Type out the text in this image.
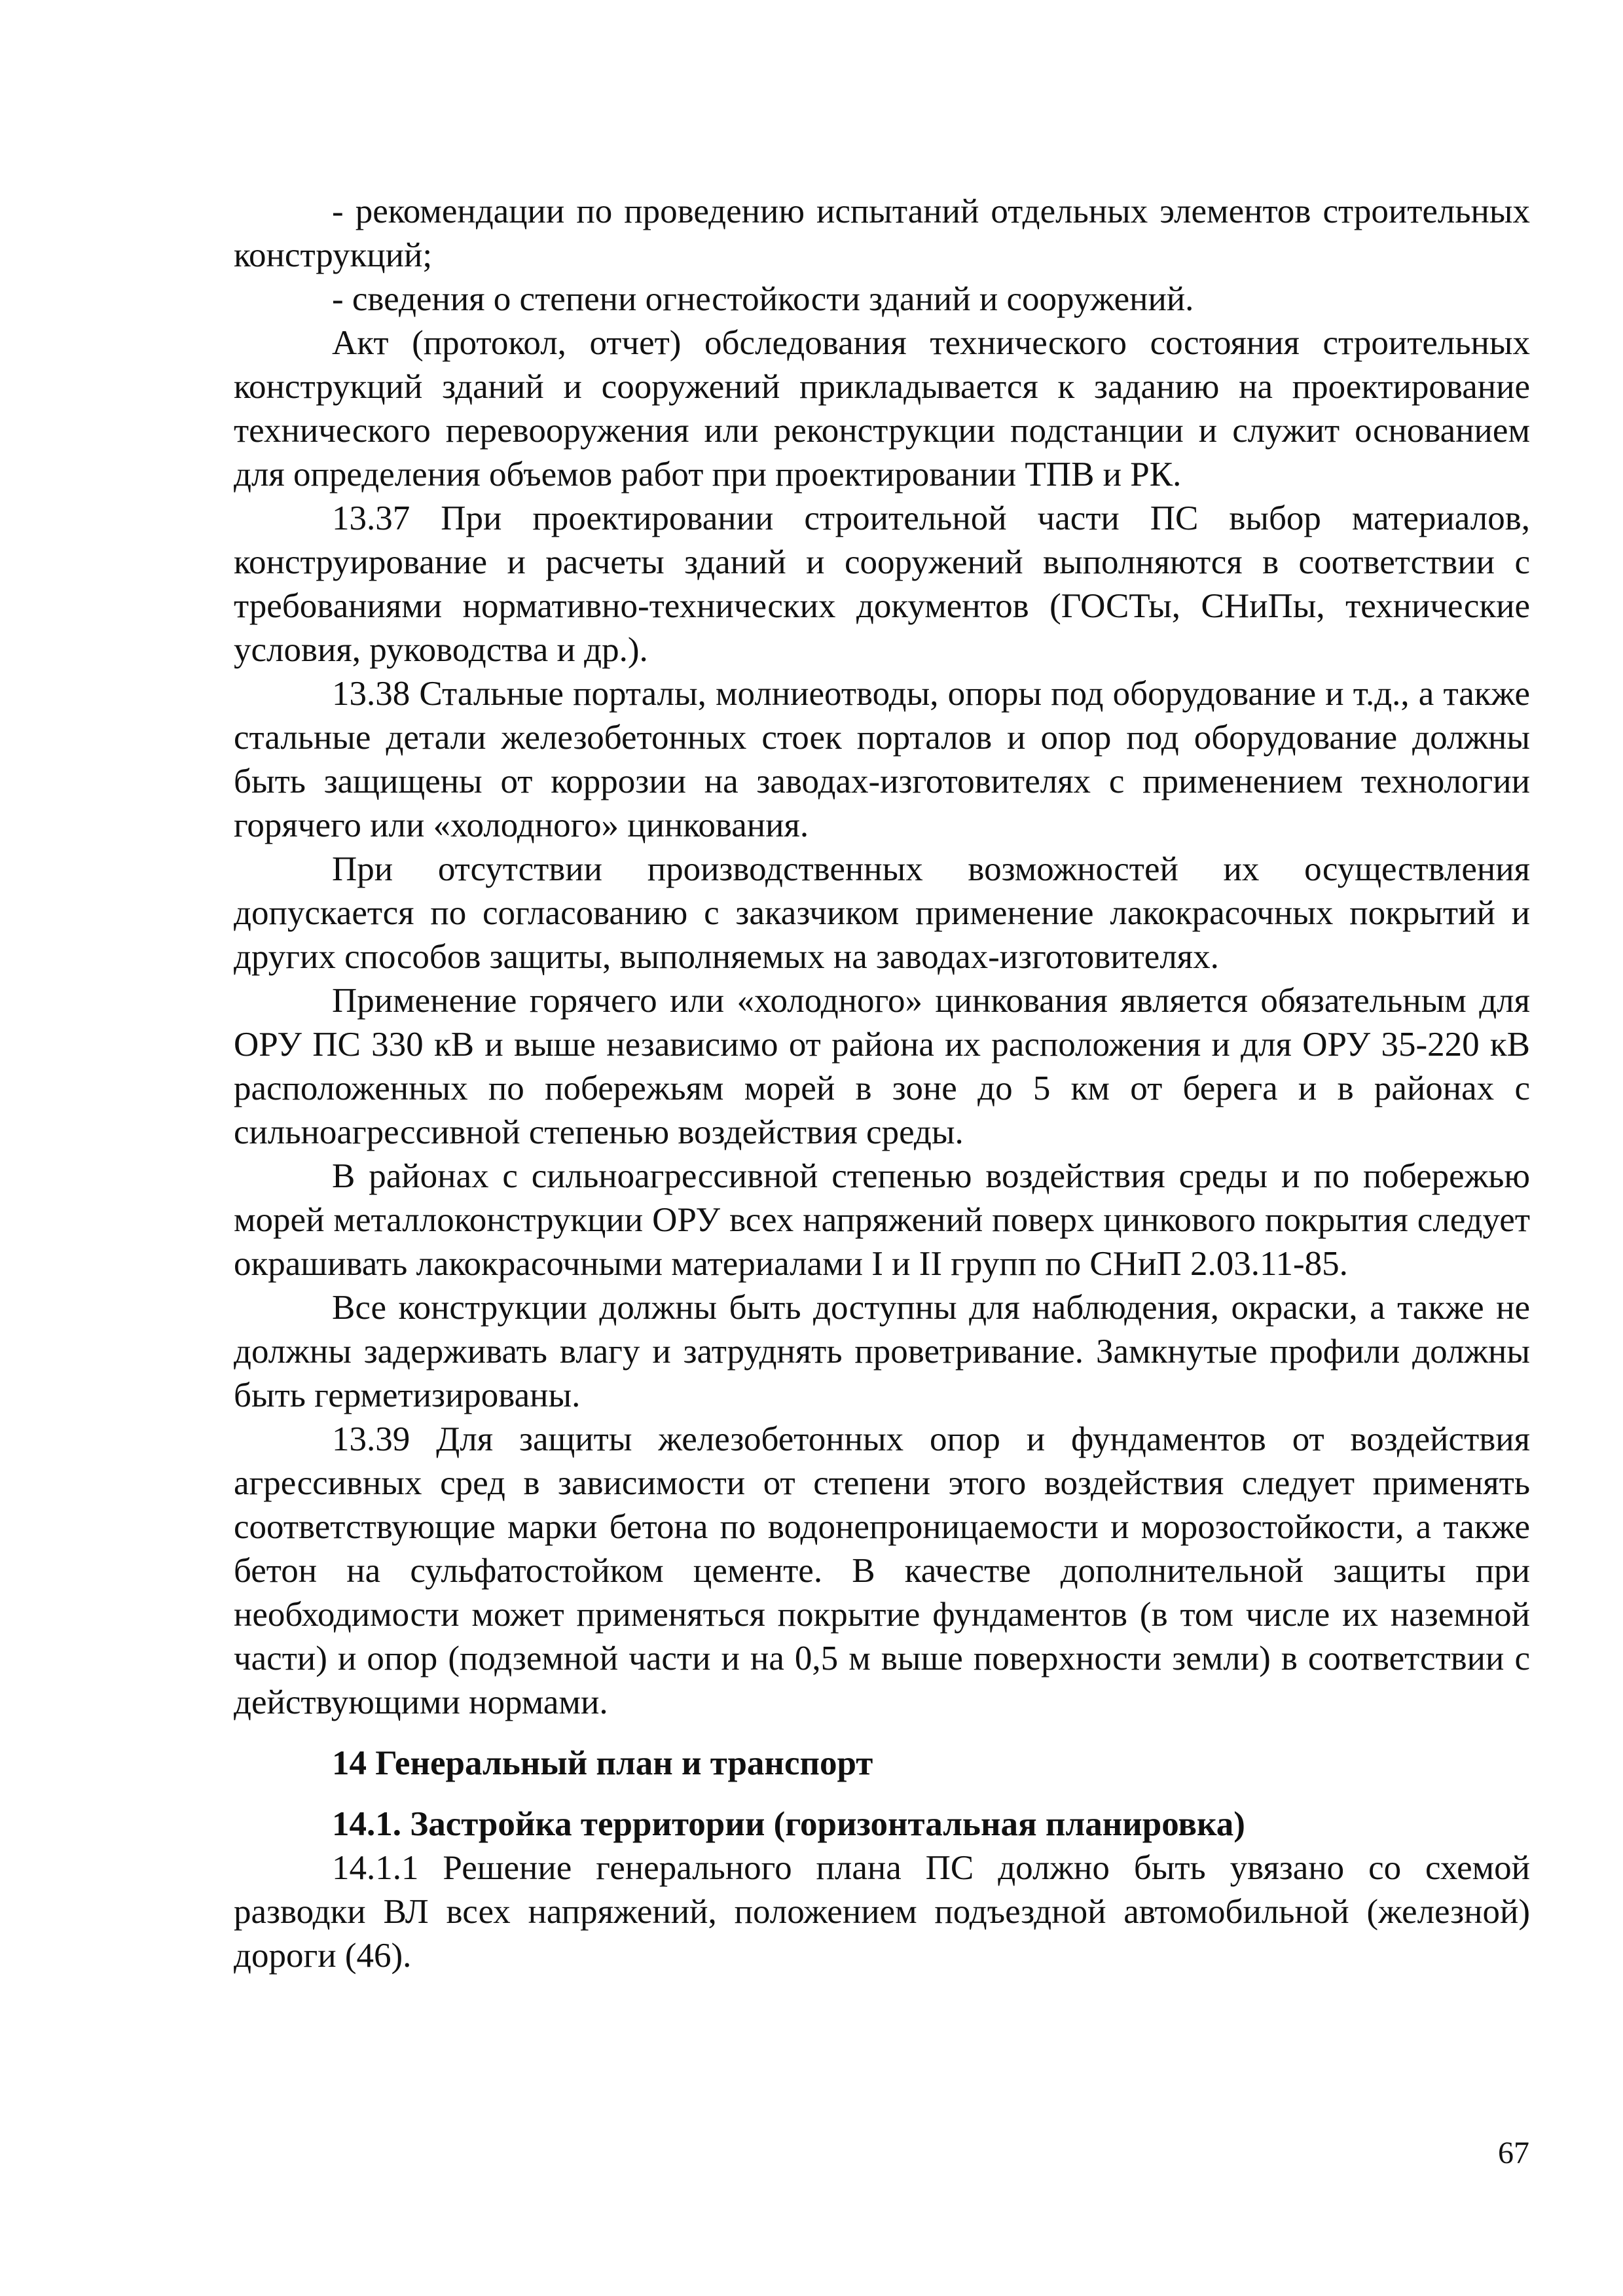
- рекомендации по проведению испытаний отдельных элементов строительных конструкций;

- сведения о степени огнестойкости зданий и сооружений.

Акт (протокол, отчет) обследования технического состояния строительных конструкций зданий и сооружений прикладывается к заданию на проектирование технического перевооружения или реконструкции подстанции и служит основанием для определения объемов работ при проектировании ТПВ и РК.

13.37 При проектировании строительной части ПС выбор материалов, конструирование и расчеты зданий и сооружений выполняются в соответствии с требованиями нормативно-технических документов (ГОСТы, СНиПы, технические условия, руководства и др.).

13.38 Стальные порталы, молниеотводы, опоры под оборудование и т.д., а также стальные детали железобетонных стоек порталов и опор под оборудование должны быть защищены от коррозии на заводах-изготовителях с применением технологии горячего или «холодного» цинкования.

При отсутствии производственных возможностей их осуществления допускается по согласованию с заказчиком применение лакокрасочных покрытий и других способов защиты, выполняемых на заводах-изготовителях.

Применение горячего или «холодного» цинкования является обязательным для ОРУ ПС 330 кВ и выше независимо от района их расположения и для ОРУ 35-220 кВ расположенных по побережьям морей в зоне до 5 км от берега и в районах с сильноагрессивной степенью воздействия среды.

В районах с сильноагрессивной степенью воздействия среды и по побережью морей металлоконструкции ОРУ всех напряжений поверх цинкового покрытия следует окрашивать лакокрасочными материалами I и II групп по СНиП 2.03.11-85.

Все конструкции должны быть доступны для наблюдения, окраски, а также не должны задерживать влагу и затруднять проветривание. Замкнутые профили должны быть герметизированы.

13.39 Для защиты железобетонных опор и фундаментов от воздействия агрессивных сред в зависимости от степени этого воздействия следует применять соответствующие марки бетона по водонепроницаемости и морозостойкости, а также бетон на сульфатостойком цементе. В качестве дополнительной защиты при необходимости может применяться покрытие фундаментов (в том числе их наземной части) и опор (подземной части и на 0,5 м выше поверхности земли) в соответствии с действующими нормами.

14 Генеральный план и транспорт
14.1. Застройка территории (горизонтальная планировка)

14.1.1 Решение генерального плана ПС должно быть увязано со схемой разводки ВЛ всех напряжений, положением подъездной автомобильной (железной) дороги (46).

67
